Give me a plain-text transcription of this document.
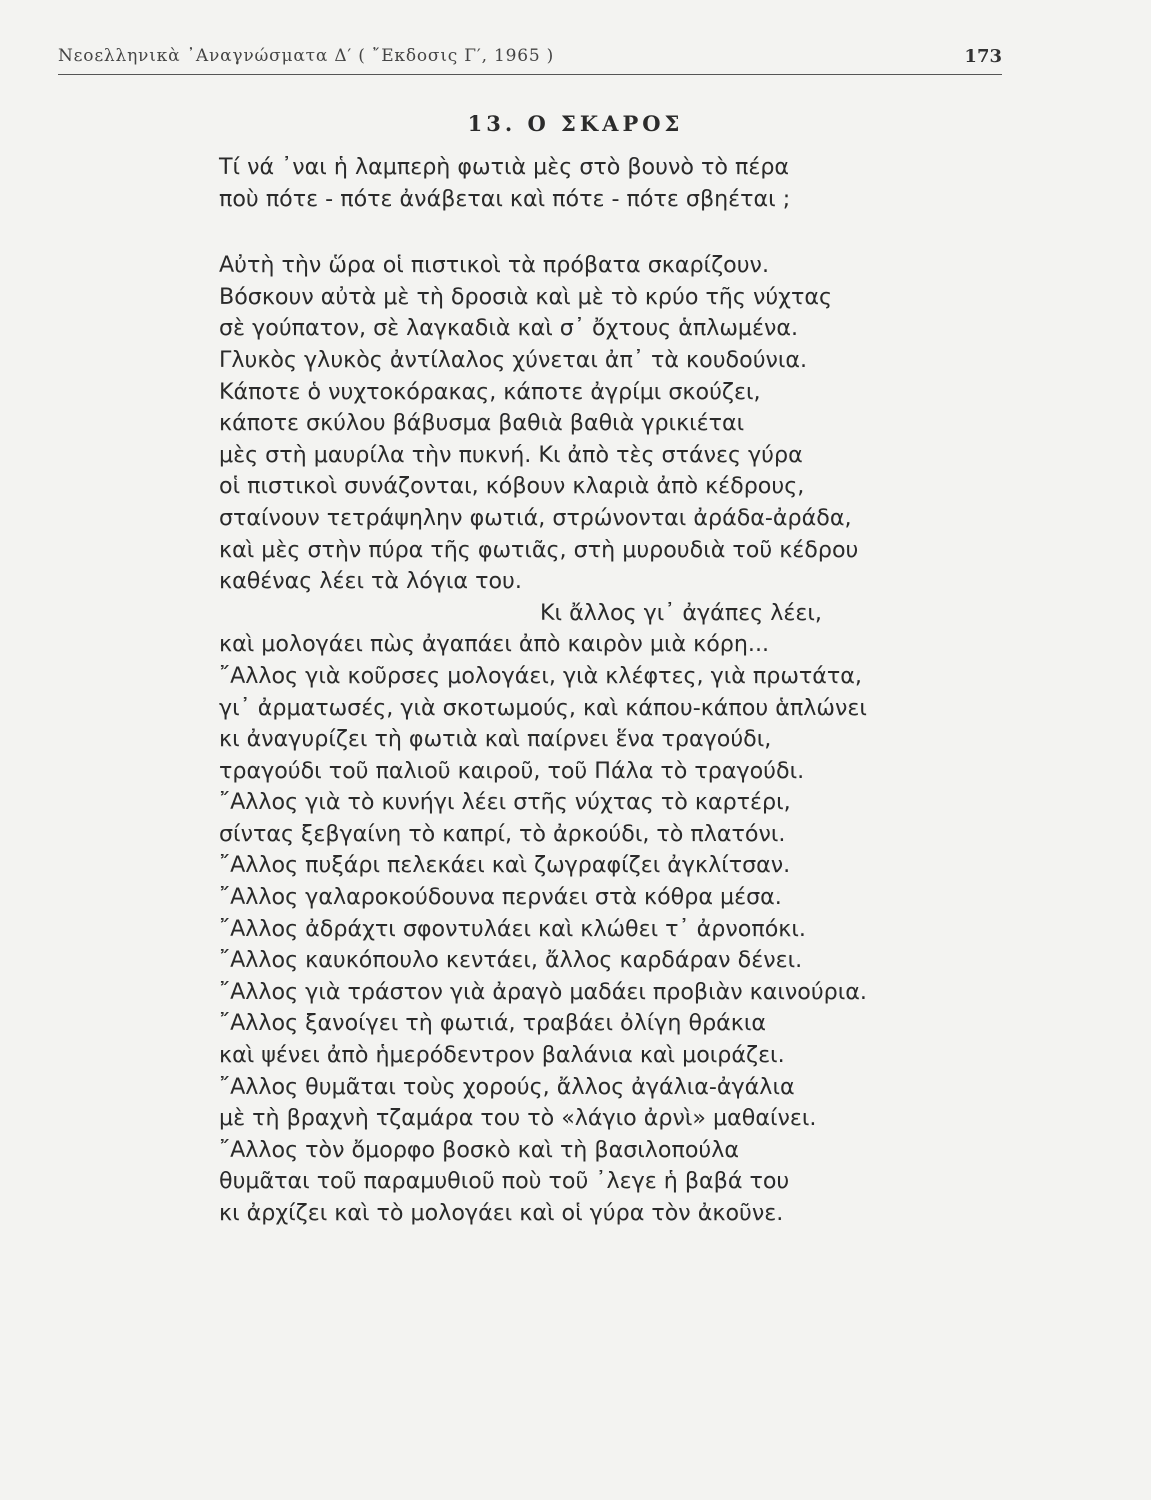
Νεοελληνικὰ ᾽Αναγνώσματα Δ′ ( ῎Εκδοσις Γ′, 1965 )	173
13. Ο ΣΚΑΡΟΣ
Τί νά ᾽ναι ἡ λαμπερὴ φωτιὰ μὲς στὸ βουνὸ τὸ πέρα
ποὺ πότε - πότε ἀνάβεται καὶ πότε - πότε σβηέται ;
Αὐτὴ τὴν ὥρα οἱ πιστικοὶ τὰ πρόβατα σκαρίζουν.
Βόσκουν αὐτὰ μὲ τὴ δροσιὰ καὶ μὲ τὸ κρύο τῆς νύχτας
σὲ γούπατον, σὲ λαγκαδιὰ καὶ σ᾽ ὄχτους ἁπλωμένα.
Γλυκὸς γλυκὸς ἀντίλαλος χύνεται ἀπ᾽ τὰ κουδούνια.
Κάποτε ὁ νυχτοκόρακας, κάποτε ἀγρίμι σκούζει,
κάποτε σκύλου βάβυσμα βαθιὰ βαθιὰ γρικιέται
μὲς στὴ μαυρίλα τὴν πυκνή. Κι ἀπὸ τὲς στάνες γύρα
οἱ πιστικοὶ συνάζονται, κόβουν κλαριὰ ἀπὸ κέδρους,
σταίνουν τετράψηλην φωτιά, στρώνονται ἀράδα-ἀράδα,
καὶ μὲς στὴν πύρα τῆς φωτιᾶς, στὴ μυρουδιὰ τοῦ κέδρου
καθένας λέει τὰ λόγια του.
Κι ἄλλος γι᾽ ἀγάπες λέει,
καὶ μολογάει πὼς ἀγαπάει ἀπὸ καιρὸν μιὰ κόρη...
῎Αλλος γιὰ κοῦρσες μολογάει, γιὰ κλέφτες, γιὰ πρωτάτα,
γι᾽ ἀρματωσές, γιὰ σκοτωμούς, καὶ κάπου-κάπου ἁπλώνει
κι ἀναγυρίζει τὴ φωτιὰ καὶ παίρνει ἕνα τραγούδι,
τραγούδι τοῦ παλιοῦ καιροῦ, τοῦ Πάλα τὸ τραγούδι.
῎Αλλος γιὰ τὸ κυνήγι λέει στῆς νύχτας τὸ καρτέρι,
σίντας ξεβγαίνη τὸ καπρί, τὸ ἀρκούδι, τὸ πλατόνι.
῎Αλλος πυξάρι πελεκάει καὶ ζωγραφίζει ἀγκλίτσαν.
῎Αλλος γαλαροκούδουνα περνάει στὰ κόθρα μέσα.
῎Αλλος ἀδράχτι σφοντυλάει καὶ κλώθει τ᾽ ἀρνοπόκι.
῎Αλλος καυκόπουλο κεντάει, ἄλλος καρδάραν δένει.
῎Αλλος γιὰ τράστον γιὰ ἀραγὸ μαδάει προβιὰν καινούρια.
῎Αλλος ξανοίγει τὴ φωτιά, τραβάει ὀλίγη θράκια
καὶ ψένει ἀπὸ ἡμερόδεντρον βαλάνια καὶ μοιράζει.
῎Αλλος θυμᾶται τοὺς χορούς, ἄλλος ἀγάλια-ἀγάλια
μὲ τὴ βραχνὴ τζαμάρα του τὸ «λάγιο ἀρνὶ» μαθαίνει.
῎Αλλος τὸν ὄμορφο βοσκὸ καὶ τὴ βασιλοπούλα
θυμᾶται τοῦ παραμυθιοῦ ποὺ τοῦ ᾽λεγε ἡ βαβά του
κι ἀρχίζει καὶ τὸ μολογάει καὶ οἱ γύρα τὸν ἀκοῦνε.
